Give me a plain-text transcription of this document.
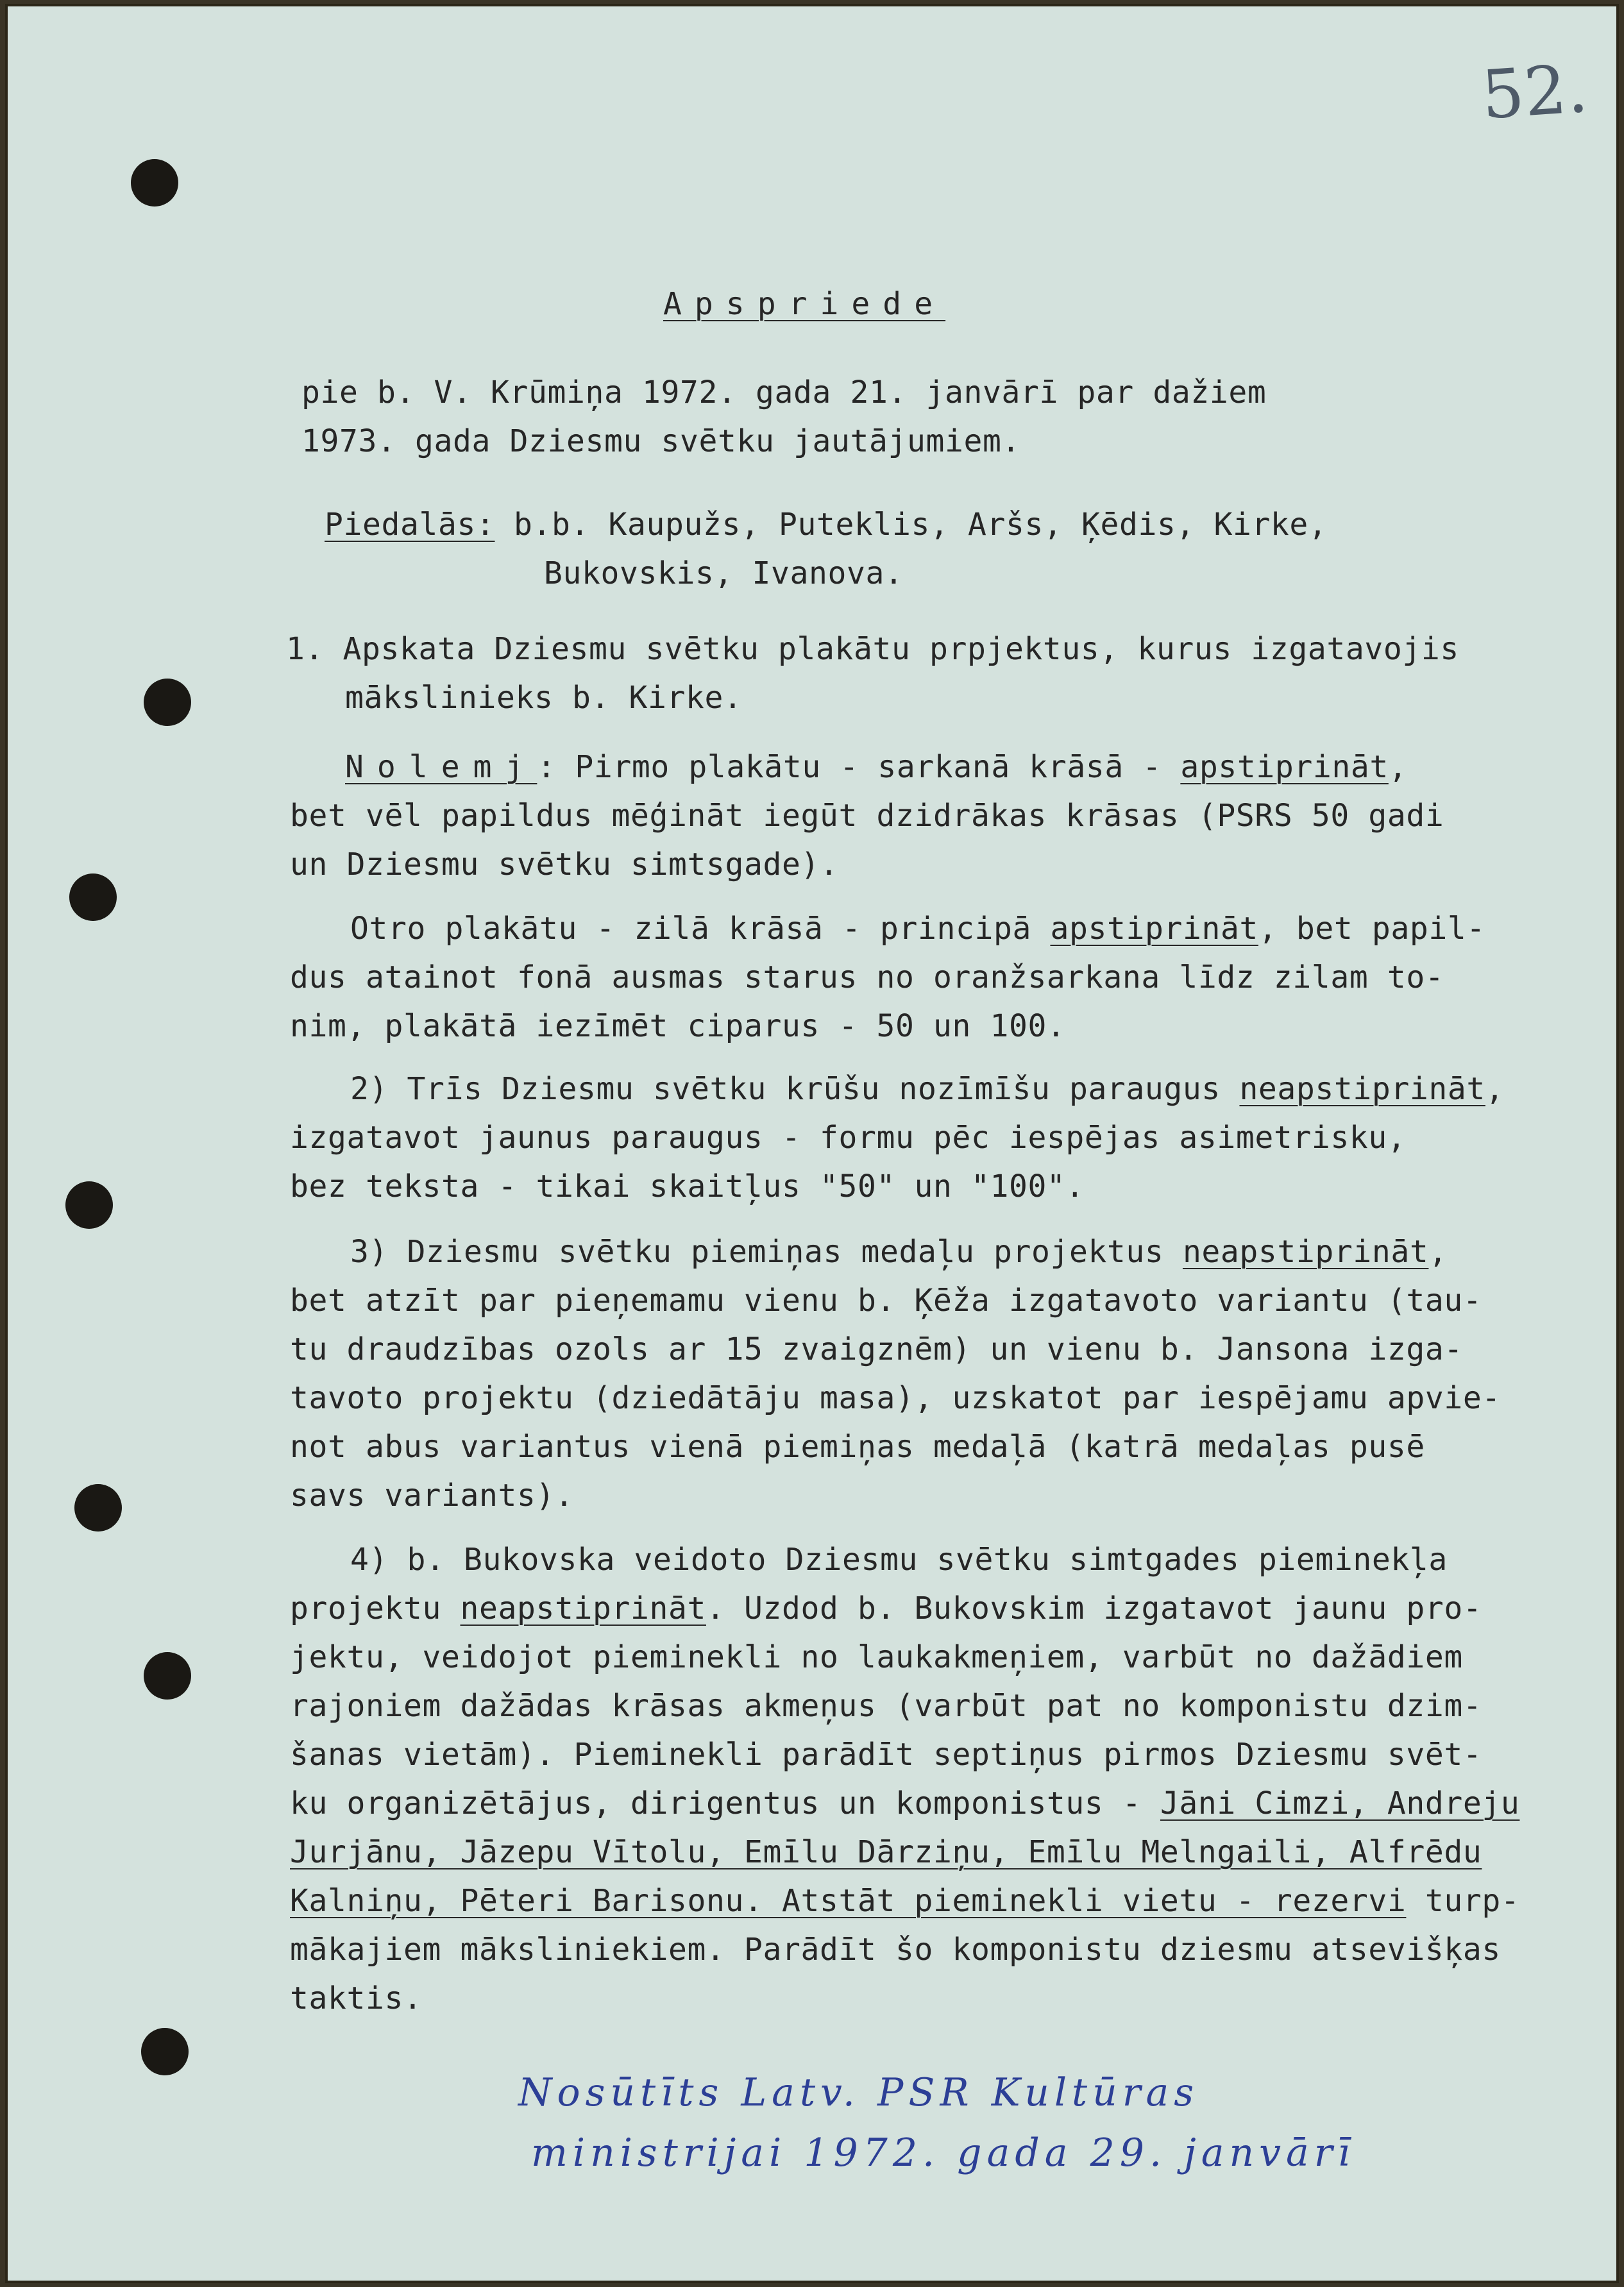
52.

Apspriede

pie b. V. Krūmiņa 1972. gada 21. janvārī par dažiem

1973. gada Dziesmu svētku jautājumiem.

Piedalās: b.b. Kaupužs, Puteklis, Aršs, Ķēdis, Kirke,

Bukovskis, Ivanova.

1. Apskata Dziesmu svētku plakātu prpjektus, kurus izgatavojis

mākslinieks b. Kirke.

Nolemj: Pirmo plakātu - sarkanā krāsā - apstiprināt,

bet vēl papildus mēģināt iegūt dzidrākas krāsas (PSRS 50 gadi

un Dziesmu svētku simtsgade).

Otro plakātu - zilā krāsā - principā apstiprināt, bet papil-

dus atainot fonā ausmas starus no oranžsarkana līdz zilam to-

nim, plakātā iezīmēt ciparus - 50 un 100.

2) Trīs Dziesmu svētku krūšu nozīmīšu paraugus neapstiprināt,

izgatavot jaunus paraugus - formu pēc iespējas asimetrisku,

bez teksta - tikai skaitļus "50" un "100".

3) Dziesmu svētku piemiņas medaļu projektus neapstiprināt,

bet atzīt par pieņemamu vienu b. Ķēža izgatavoto variantu (tau-

tu draudzības ozols ar 15 zvaigznēm) un vienu b. Jansona izga-

tavoto projektu (dziedātāju masa), uzskatot par iespējamu apvie-

not abus variantus vienā piemiņas medaļā (katrā medaļas pusē

savs variants).

4) b. Bukovska veidoto Dziesmu svētku simtgades pieminekļa

projektu neapstiprināt. Uzdod b. Bukovskim izgatavot jaunu pro-

jektu, veidojot pieminekli no laukakmeņiem, varbūt no dažādiem

rajoniem dažādas krāsas akmeņus (varbūt pat no komponistu dzim-

šanas vietām). Pieminekli parādīt septiņus pirmos Dziesmu svēt-

ku organizētājus, dirigentus un komponistus - Jāni Cimzi, Andreju

Jurjānu, Jāzepu Vītolu, Emīlu Dārziņu, Emīlu Melngaili, Alfrēdu

Kalniņu, Pēteri Barisonu. Atstāt pieminekli vietu - rezervi turp-

mākajiem māksliniekiem. Parādīt šo komponistu dziesmu atsevišķas

taktis.

Nosūtīts Latv. PSR Kultūras

ministrijai 1972. gada 29. janvārī
